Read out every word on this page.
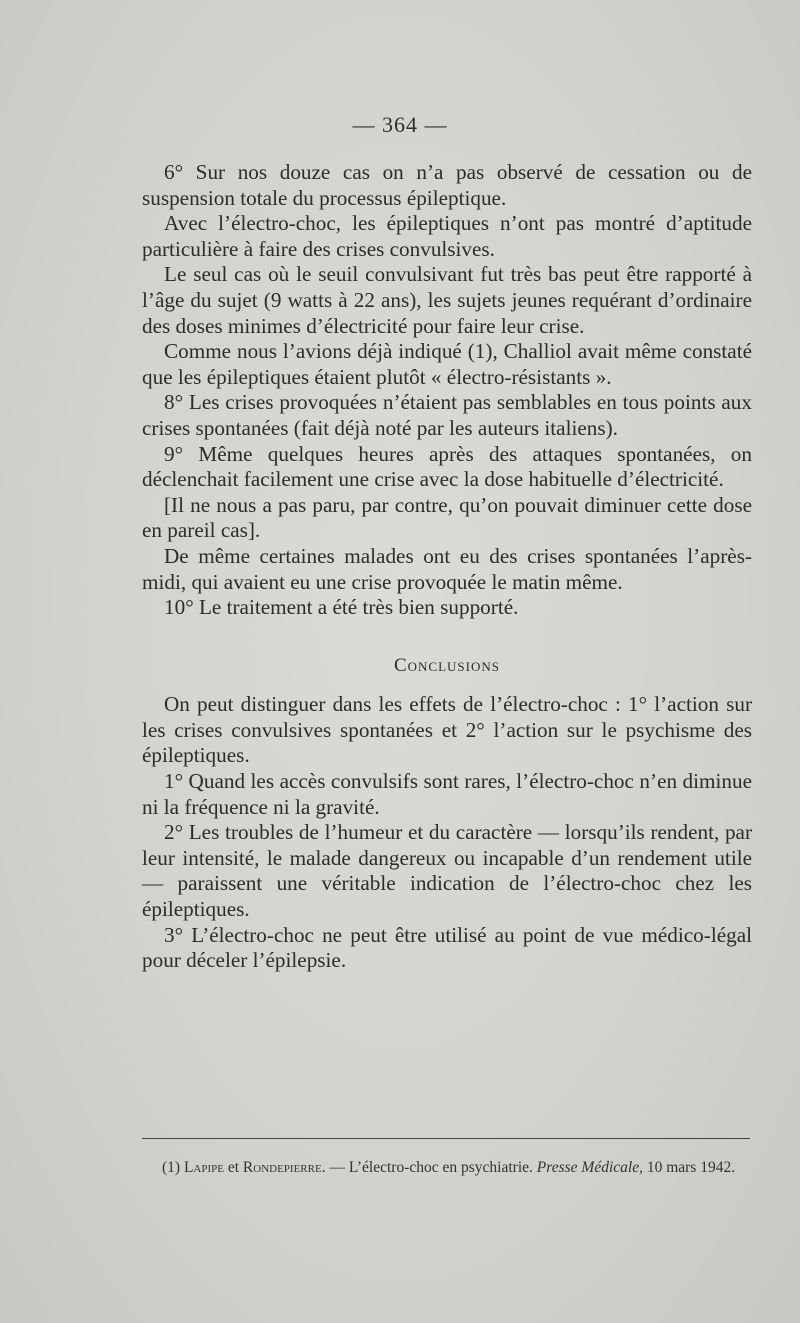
— 364 —

6° Sur nos douze cas on n’a pas observé de cessation ou de suspension totale du processus épileptique.

Avec l’électro-choc, les épileptiques n’ont pas montré d’aptitude particulière à faire des crises convulsives.

Le seul cas où le seuil convulsivant fut très bas peut être rapporté à l’âge du sujet (9 watts à 22 ans), les sujets jeunes requérant d’ordinaire des doses minimes d’électricité pour faire leur crise.

Comme nous l’avions déjà indiqué (1), Challiol avait même constaté que les épileptiques étaient plutôt « électro-résistants ».

8° Les crises provoquées n’étaient pas semblables en tous points aux crises spontanées (fait déjà noté par les auteurs italiens).

9° Même quelques heures après des attaques spontanées, on déclenchait facilement une crise avec la dose habituelle d’électricité.

[Il ne nous a pas paru, par contre, qu’on pouvait diminuer cette dose en pareil cas].

De même certaines malades ont eu des crises spontanées l’après-midi, qui avaient eu une crise provoquée le matin même.

10° Le traitement a été très bien supporté.

Conclusions

On peut distinguer dans les effets de l’électro-choc : 1° l’action sur les crises convulsives spontanées et 2° l’action sur le psychisme des épileptiques.

1° Quand les accès convulsifs sont rares, l’électro-choc n’en diminue ni la fréquence ni la gravité.

2° Les troubles de l’humeur et du caractère — lorsqu’ils rendent, par leur intensité, le malade dangereux ou incapable d’un rendement utile — paraissent une véritable indication de l’électro-choc chez les épileptiques.

3° L’électro-choc ne peut être utilisé au point de vue médico-légal pour déceler l’épilepsie.

(1) Lapipe et Rondepierre. — L’électro-choc en psychiatrie. Presse Médicale, 10 mars 1942.
